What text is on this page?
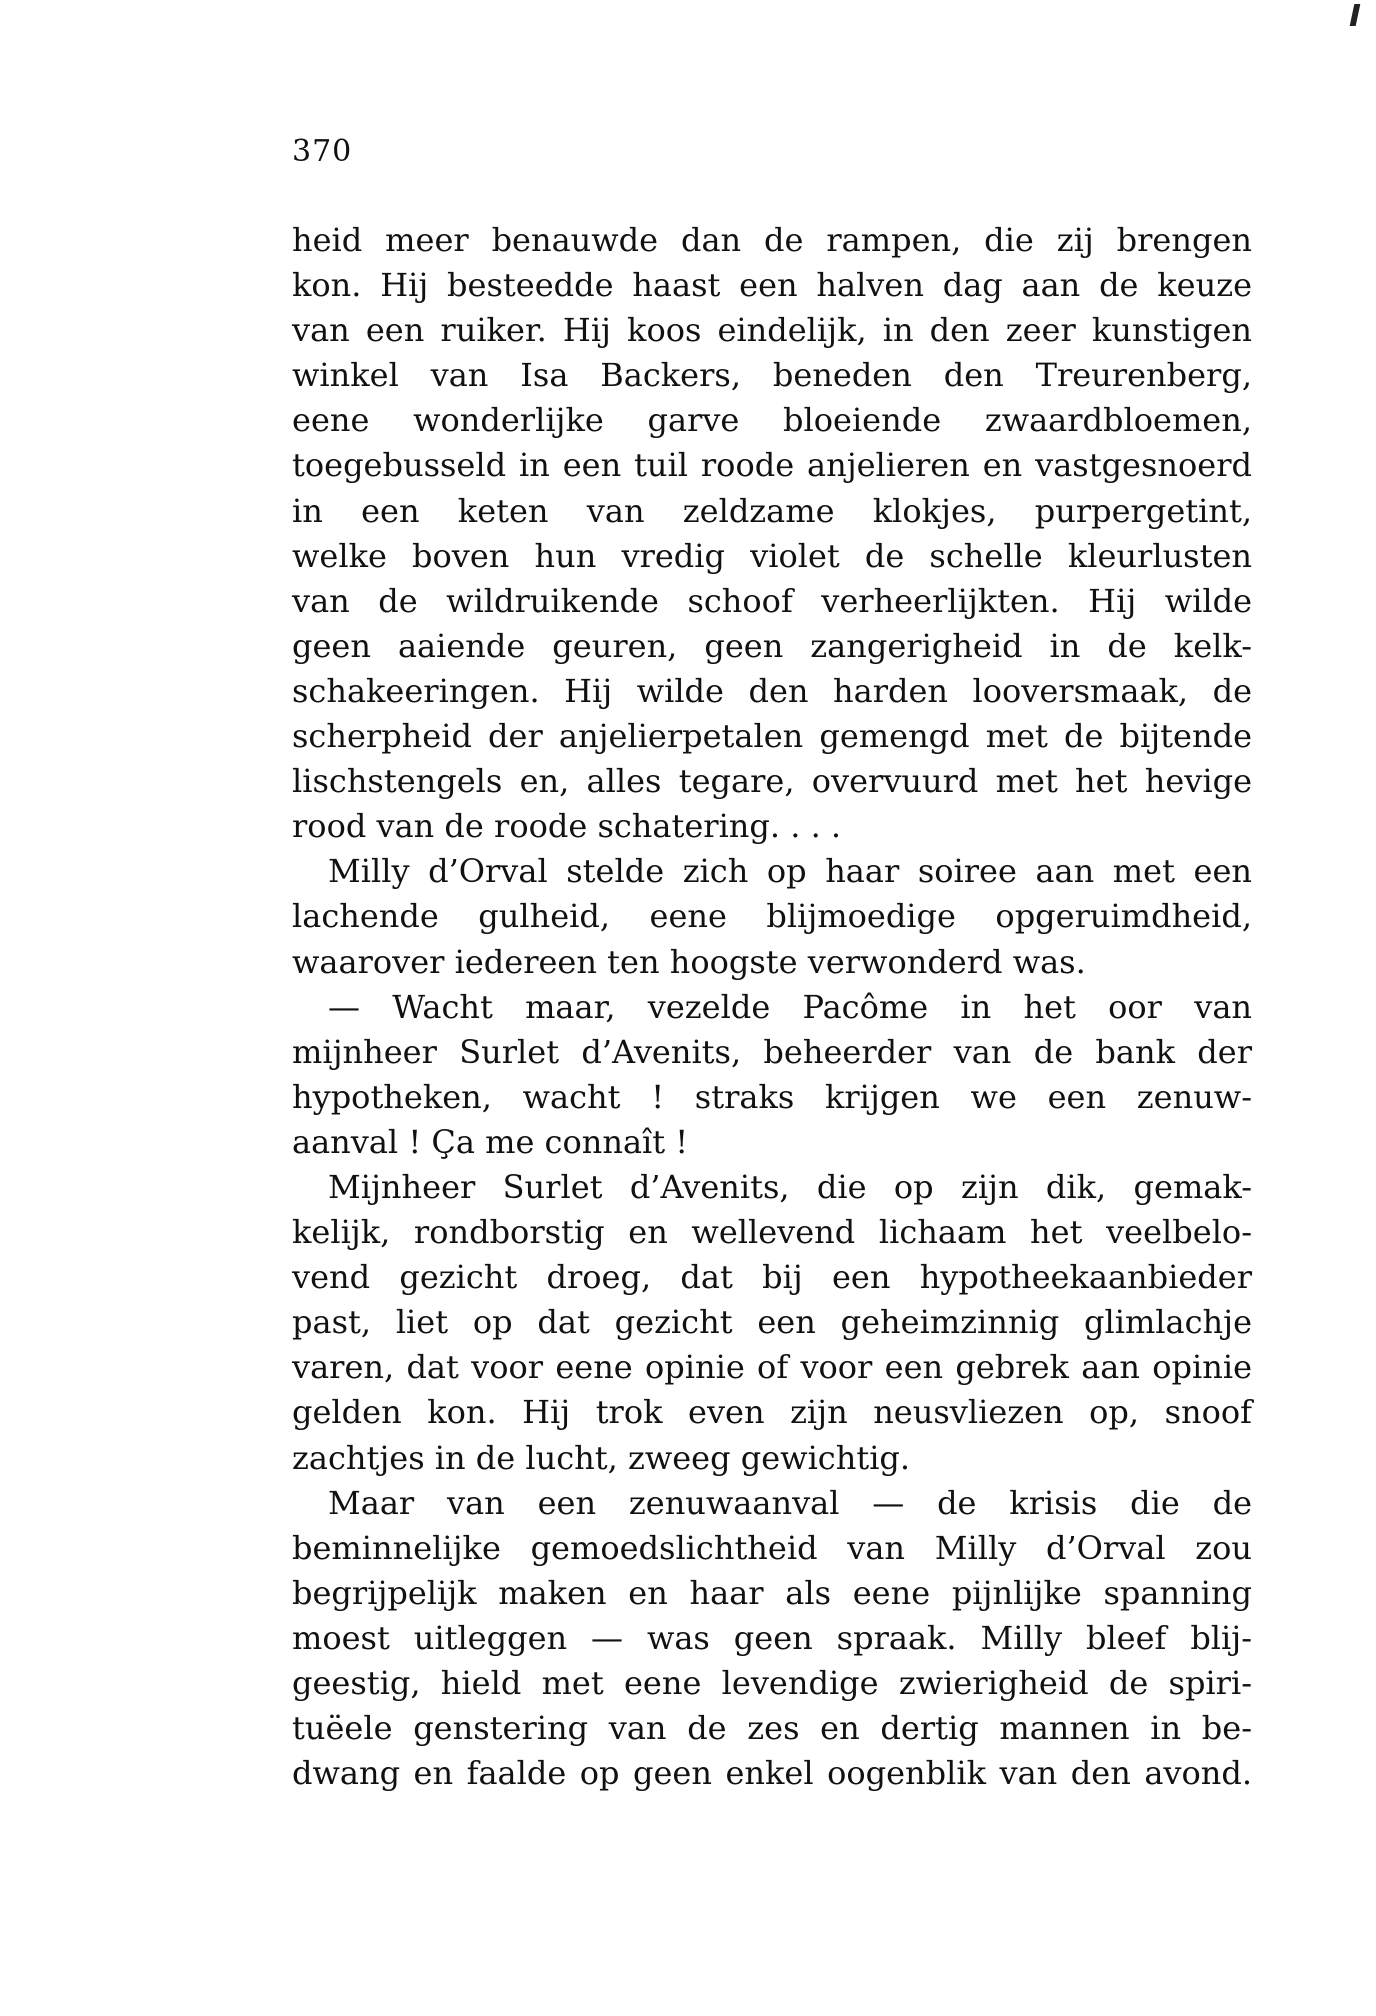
370
heid meer benauwde dan de rampen, die zij brengen
kon. Hij besteedde haast een halven dag aan de keuze
van een ruiker. Hij koos eindelijk, in den zeer kunstigen
winkel van Isa Backers, beneden den Treurenberg,
eene wonderlijke garve bloeiende zwaardbloemen,
toegebusseld in een tuil roode anjelieren en vastgesnoerd
in een keten van zeldzame klokjes, purpergetint,
welke boven hun vredig violet de schelle kleurlusten
van de wildruikende schoof verheerlijkten. Hij wilde
geen aaiende geuren, geen zangerigheid in de kelk-
schakeeringen. Hij wilde den harden looversmaak, de
scherpheid der anjelierpetalen gemengd met de bijtende
lischstengels en, alles tegare, overvuurd met het hevige
rood van de roode schatering. . . .
Milly d’Orval stelde zich op haar soiree aan met een
lachende gulheid, eene blijmoedige opgeruimdheid,
waarover iedereen ten hoogste verwonderd was.
— Wacht maar, vezelde Pacôme in het oor van
mijnheer Surlet d’Avenits, beheerder van de bank der
hypotheken, wacht ! straks krijgen we een zenuw-
aanval ! Ça me connaît !
Mijnheer Surlet d’Avenits, die op zijn dik, gemak-
kelijk, rondborstig en wellevend lichaam het veelbelo-
vend gezicht droeg, dat bij een hypotheekaanbieder
past, liet op dat gezicht een geheimzinnig glimlachje
varen, dat voor eene opinie of voor een gebrek aan opinie
gelden kon. Hij trok even zijn neusvliezen op, snoof
zachtjes in de lucht, zweeg gewichtig.
Maar van een zenuwaanval — de krisis die de
beminnelijke gemoedslichtheid van Milly d’Orval zou
begrijpelijk maken en haar als eene pijnlijke spanning
moest uitleggen — was geen spraak. Milly bleef blij-
geestig, hield met eene levendige zwierigheid de spiri-
tuëele genstering van de zes en dertig mannen in be-
dwang en faalde op geen enkel oogenblik van den avond.
